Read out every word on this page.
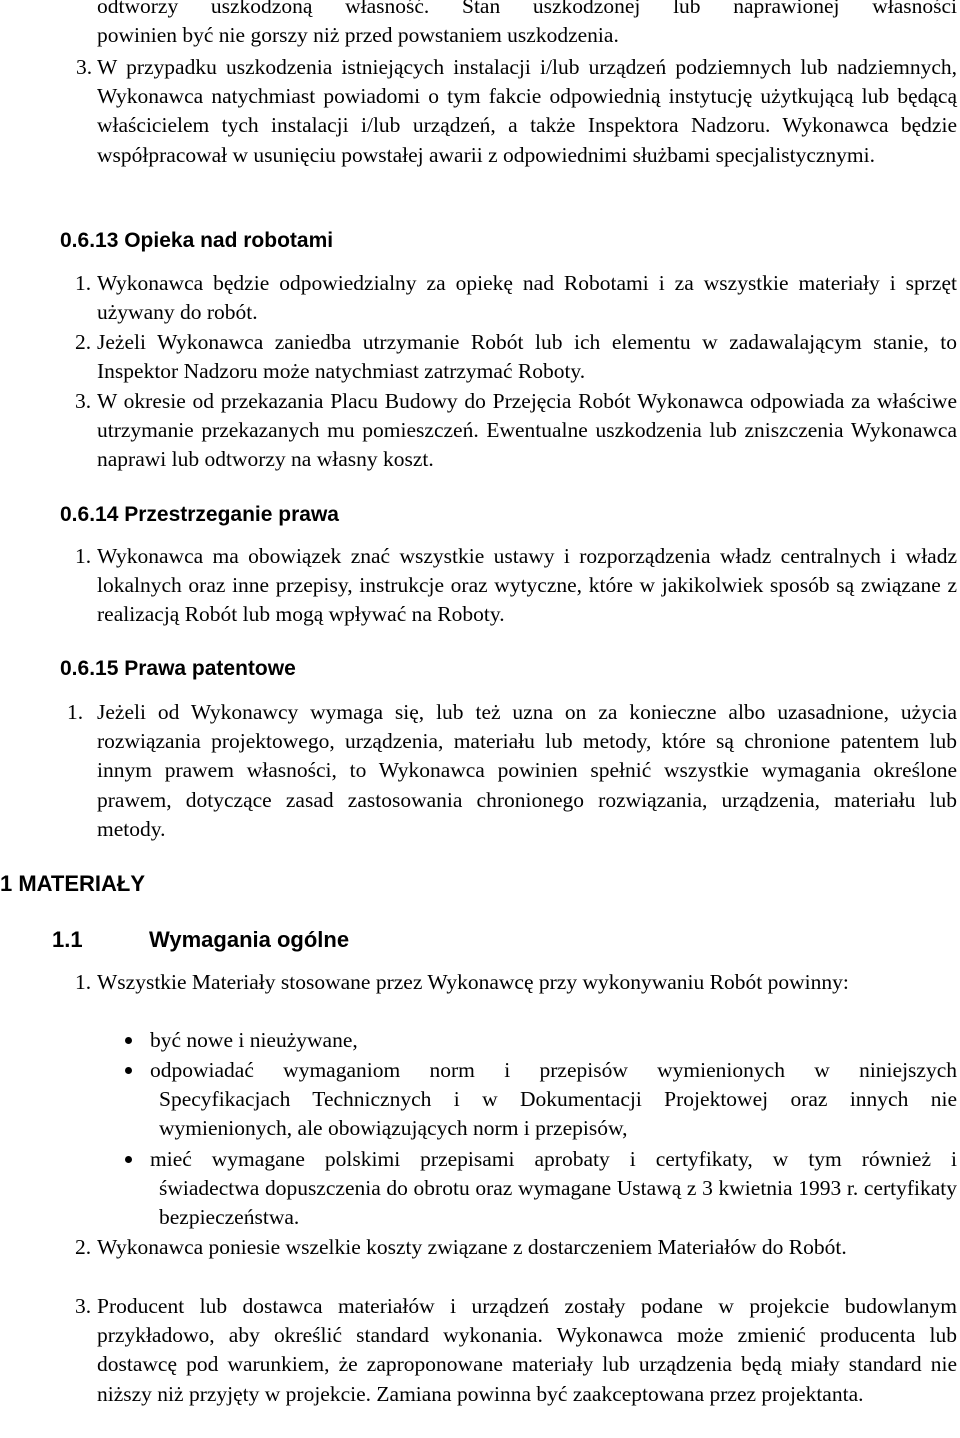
odtworzy uszkodzoną własność. Stan uszkodzonej lub naprawionej własności

powinien być nie gorszy niż przed powstaniem uszkodzenia.

3. W przypadku uszkodzenia istniejących instalacji i/lub urządzeń podziemnych lub nadziemnych, Wykonawca natychmiast powiadomi o tym fakcie odpowiednią instytucję użytkującą lub będącą właścicielem tych instalacji i/lub urządzeń, a także Inspektora Nadzoru. Wykonawca będzie współpracował w usunięciu powstałej awarii z odpowiednimi służbami specjalistycznymi.
0.6.13 Opieka nad robotami
1. Wykonawca będzie odpowiedzialny za opiekę nad Robotami i za wszystkie materiały i sprzęt używany do robót.
2. Jeżeli Wykonawca zaniedba utrzymanie Robót lub ich elementu w zadawalającym stanie, to Inspektor Nadzoru może natychmiast zatrzymać Roboty.
3. W okresie od przekazania Placu Budowy do Przejęcia Robót Wykonawca odpowiada za właściwe utrzymanie przekazanych mu pomieszczeń. Ewentualne uszkodzenia lub zniszczenia Wykonawca naprawi lub odtworzy na własny koszt.
0.6.14 Przestrzeganie prawa
1. Wykonawca ma obowiązek znać wszystkie ustawy i rozporządzenia władz centralnych i władz lokalnych oraz inne przepisy, instrukcje oraz wytyczne, które w jakikolwiek sposób są związane z realizacją Robót lub mogą wpływać na Roboty.
0.6.15 Prawa patentowe
1. Jeżeli od Wykonawcy wymaga się, lub też uzna on za konieczne albo uzasadnione, użycia rozwiązania projektowego, urządzenia, materiału lub metody, które są chronione patentem lub innym prawem własności, to Wykonawca powinien spełnić wszystkie wymagania określone prawem, dotyczące zasad zastosowania chronionego rozwiązania, urządzenia, materiału lub metody.
1 MATERIAŁY
1.1	Wymagania ogólne
1. Wszystkie Materiały stosowane przez Wykonawcę przy wykonywaniu Robót powinny:
być nowe i nieużywane,
odpowiadać wymaganiom norm i przepisów wymienionych w niniejszych
Specyfikacjach Technicznych i w Dokumentacji Projektowej oraz innych nie wymienionych, ale obowiązujących norm i przepisów,
mieć wymagane polskimi przepisami aprobaty i certyfikaty, w tym również i
świadectwa dopuszczenia do obrotu oraz wymagane Ustawą z 3 kwietnia 1993 r. certyfikaty bezpieczeństwa.
2. Wykonawca poniesie wszelkie koszty związane z dostarczeniem Materiałów do Robót.
3. Producent lub dostawca materiałów i urządzeń zostały podane w projekcie budowlanym przykładowo, aby określić standard wykonania. Wykonawca może zmienić producenta lub dostawcę pod warunkiem, że zaproponowane materiały lub urządzenia będą miały standard nie niższy niż przyjęty w projekcie. Zamiana powinna być zaakceptowana przez projektanta.
